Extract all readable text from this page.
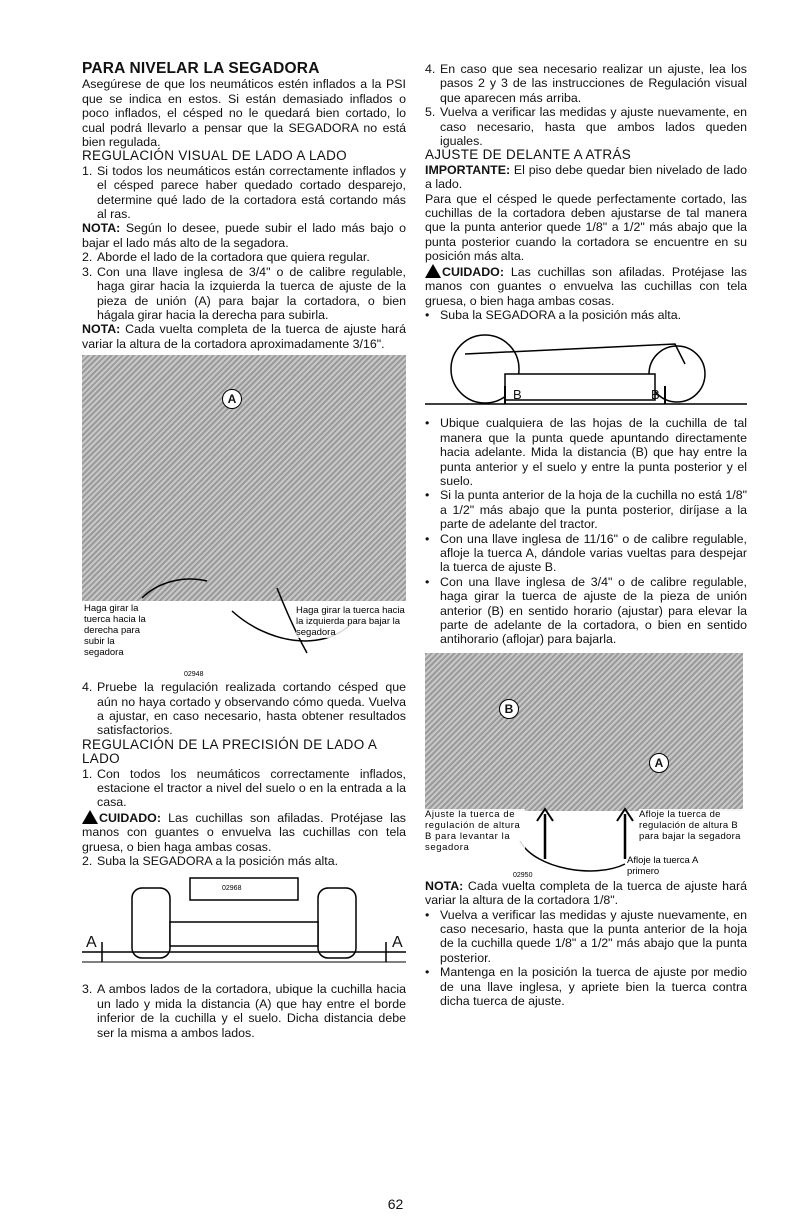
PARA NIVELAR LA SEGADORA

Asegúrese de que los neumáticos estén inflados a la PSI que se indica en estos. Si están demasiado inflados o poco inflados, el césped no le quedará bien cortado, lo cual podrá llevarlo a pensar que la SEGADORA no está bien regulada.

REGULACIÓN VISUAL DE LADO A LADO
1. Si todos los neumáticos están correctamente inflados y el césped parece haber quedado cortado desparejo, determine qué lado de la cortadora está cortando más al ras.

NOTA: Según lo desee, puede subir el lado más bajo o bajar el lado más alto de la segadora.

2. Aborde el lado de la cortadora que quiera regular.
3. Con una llave inglesa de 3/4" o de calibre regulable, haga girar hacia la izquierda la tuerca de ajuste de la pieza de unión (A) para bajar la cortadora, o bien hágala girar hacia la derecha para subirla.

NOTA: Cada vuelta completa de la tuerca de ajuste hará variar la altura de la cortadora aproximadamente 3/16".

A
Haga girar la tuerca hacia la derecha para subir la segadora
Haga girar la tuerca hacia la izquierda para bajar la segadora
02948
4. Pruebe la regulación realizada cortando césped que aún no haya cortado y observando cómo queda. Vuelva a ajustar, en caso necesario, hasta obtener resultados satisfactorios.
REGULACIÓN DE LA PRECISIÓN DE LADO A LADO
1. Con todos los neumáticos correctamente inflados, estacione el tractor a nivel del suelo o en la entrada a la casa.

CUIDADO: Las cuchillas son afiladas. Protéjase las manos con guantes o envuelva las cuchillas con tela gruesa, o bien haga ambas cosas.

2. Suba la SEGADORA a la posición más alta.
A	A
02968
3. A ambos lados de la cortadora, ubique la cuchilla hacia un lado y mida la distancia (A) que hay entre el borde inferior de la cuchilla y el suelo. Dicha distancia debe ser la misma a ambos lados.
4. En caso que sea necesario realizar un ajuste, lea los pasos 2 y 3 de las instrucciones de Regulación visual que aparecen más arriba.
5. Vuelva a verificar las medidas y ajuste nuevamente, en caso necesario, hasta que ambos lados queden iguales.
AJUSTE DE DELANTE A ATRÁS

IMPORTANTE: El piso debe quedar bien nivelado de lado a lado.

Para que el césped le quede perfectamente cortado, las cuchillas de la cortadora deben ajustarse de tal manera que la punta anterior quede 1/8" a 1/2" más abajo que la punta posterior cuando la cortadora se encuentre en su posición más alta.

CUIDADO: Las cuchillas son afiladas. Protéjase las manos con guantes o envuelva las cuchillas con tela gruesa, o bien haga ambas cosas.

• Suba la SEGADORA a la posición más alta.
B	B
• Ubique cualquiera de las hojas de la cuchilla de tal manera que la punta quede apuntando directamente hacia adelante. Mida la distancia (B) que hay entre la punta anterior y el suelo y entre la punta posterior y el suelo.
• Si la punta anterior de la hoja de la cuchilla no está 1/8" a 1/2" más abajo que la punta posterior, diríjase a la parte de adelante del tractor.
• Con una llave inglesa de 11/16" o de calibre regulable, afloje la tuerca A, dándole varias vueltas para despejar la tuerca de ajuste B.
• Con una llave inglesa de 3/4" o de calibre regulable, haga girar la tuerca de ajuste de la pieza de unión anterior (B) en sentido horario (ajustar) para elevar la parte de adelante de la cortadora, o bien en sentido antihorario (aflojar) para bajarla.
B
A
Ajuste la tuerca de regulación de altura B para levantar la segadora
Afloje la tuerca de regulación de altura B para bajar la segadora
Afloje la tuerca A primero
02950

NOTA: Cada vuelta completa de la tuerca de ajuste hará variar la altura de la cortadora 1/8".

• Vuelva a verificar las medidas y ajuste nuevamente, en caso necesario, hasta que la punta anterior de la hoja de la cuchilla quede 1/8" a 1/2" más abajo que la punta posterior.
• Mantenga en la posición la tuerca de ajuste por medio de una llave inglesa, y apriete bien la tuerca contra dicha tuerca de ajuste.
62
